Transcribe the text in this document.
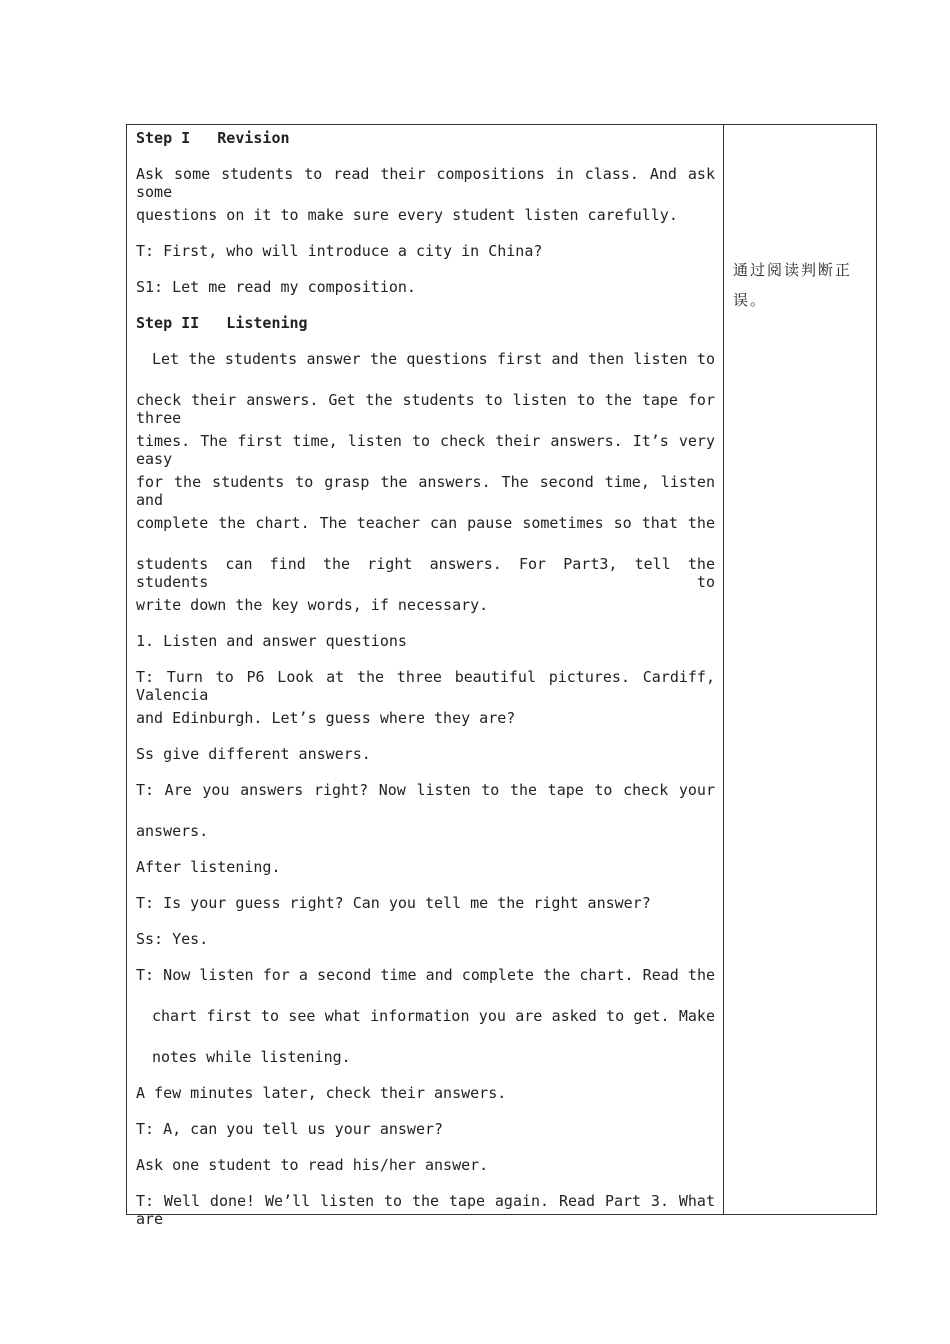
Step I   Revision
Ask some students to read their compositions in class. And ask some
questions on it to make sure every student listen carefully.
T: First, who will introduce a city in China?
S1: Let me read my composition.
Step II   Listening
Let the students answer the questions first and then listen to
check their answers. Get the students to listen to the tape for three
times. The first time, listen to check their answers. It’s very easy
for the students to grasp the answers. The second time, listen and
complete the chart. The teacher can pause sometimes so that the
students can find the right answers. For Part3, tell the students to
write down the key words, if necessary.
1. Listen and answer questions
T: Turn to P6 Look at the three beautiful pictures. Cardiff, Valencia
and Edinburgh. Let’s guess where they are?
Ss give different answers.
T: Are you answers right? Now listen to the tape to check your
answers.
After listening.
T: Is your guess right? Can you tell me the right answer?
Ss: Yes.
T: Now listen for a second time and complete the chart. Read the
chart first to see what information you are asked to get. Make
notes while listening.
A few minutes later, check their answers.
T: A, can you tell us your answer?
Ask one student to read his/her answer.
T: Well done! We’ll listen to the tape again. Read Part 3. What are
通过阅读判断正
误。
